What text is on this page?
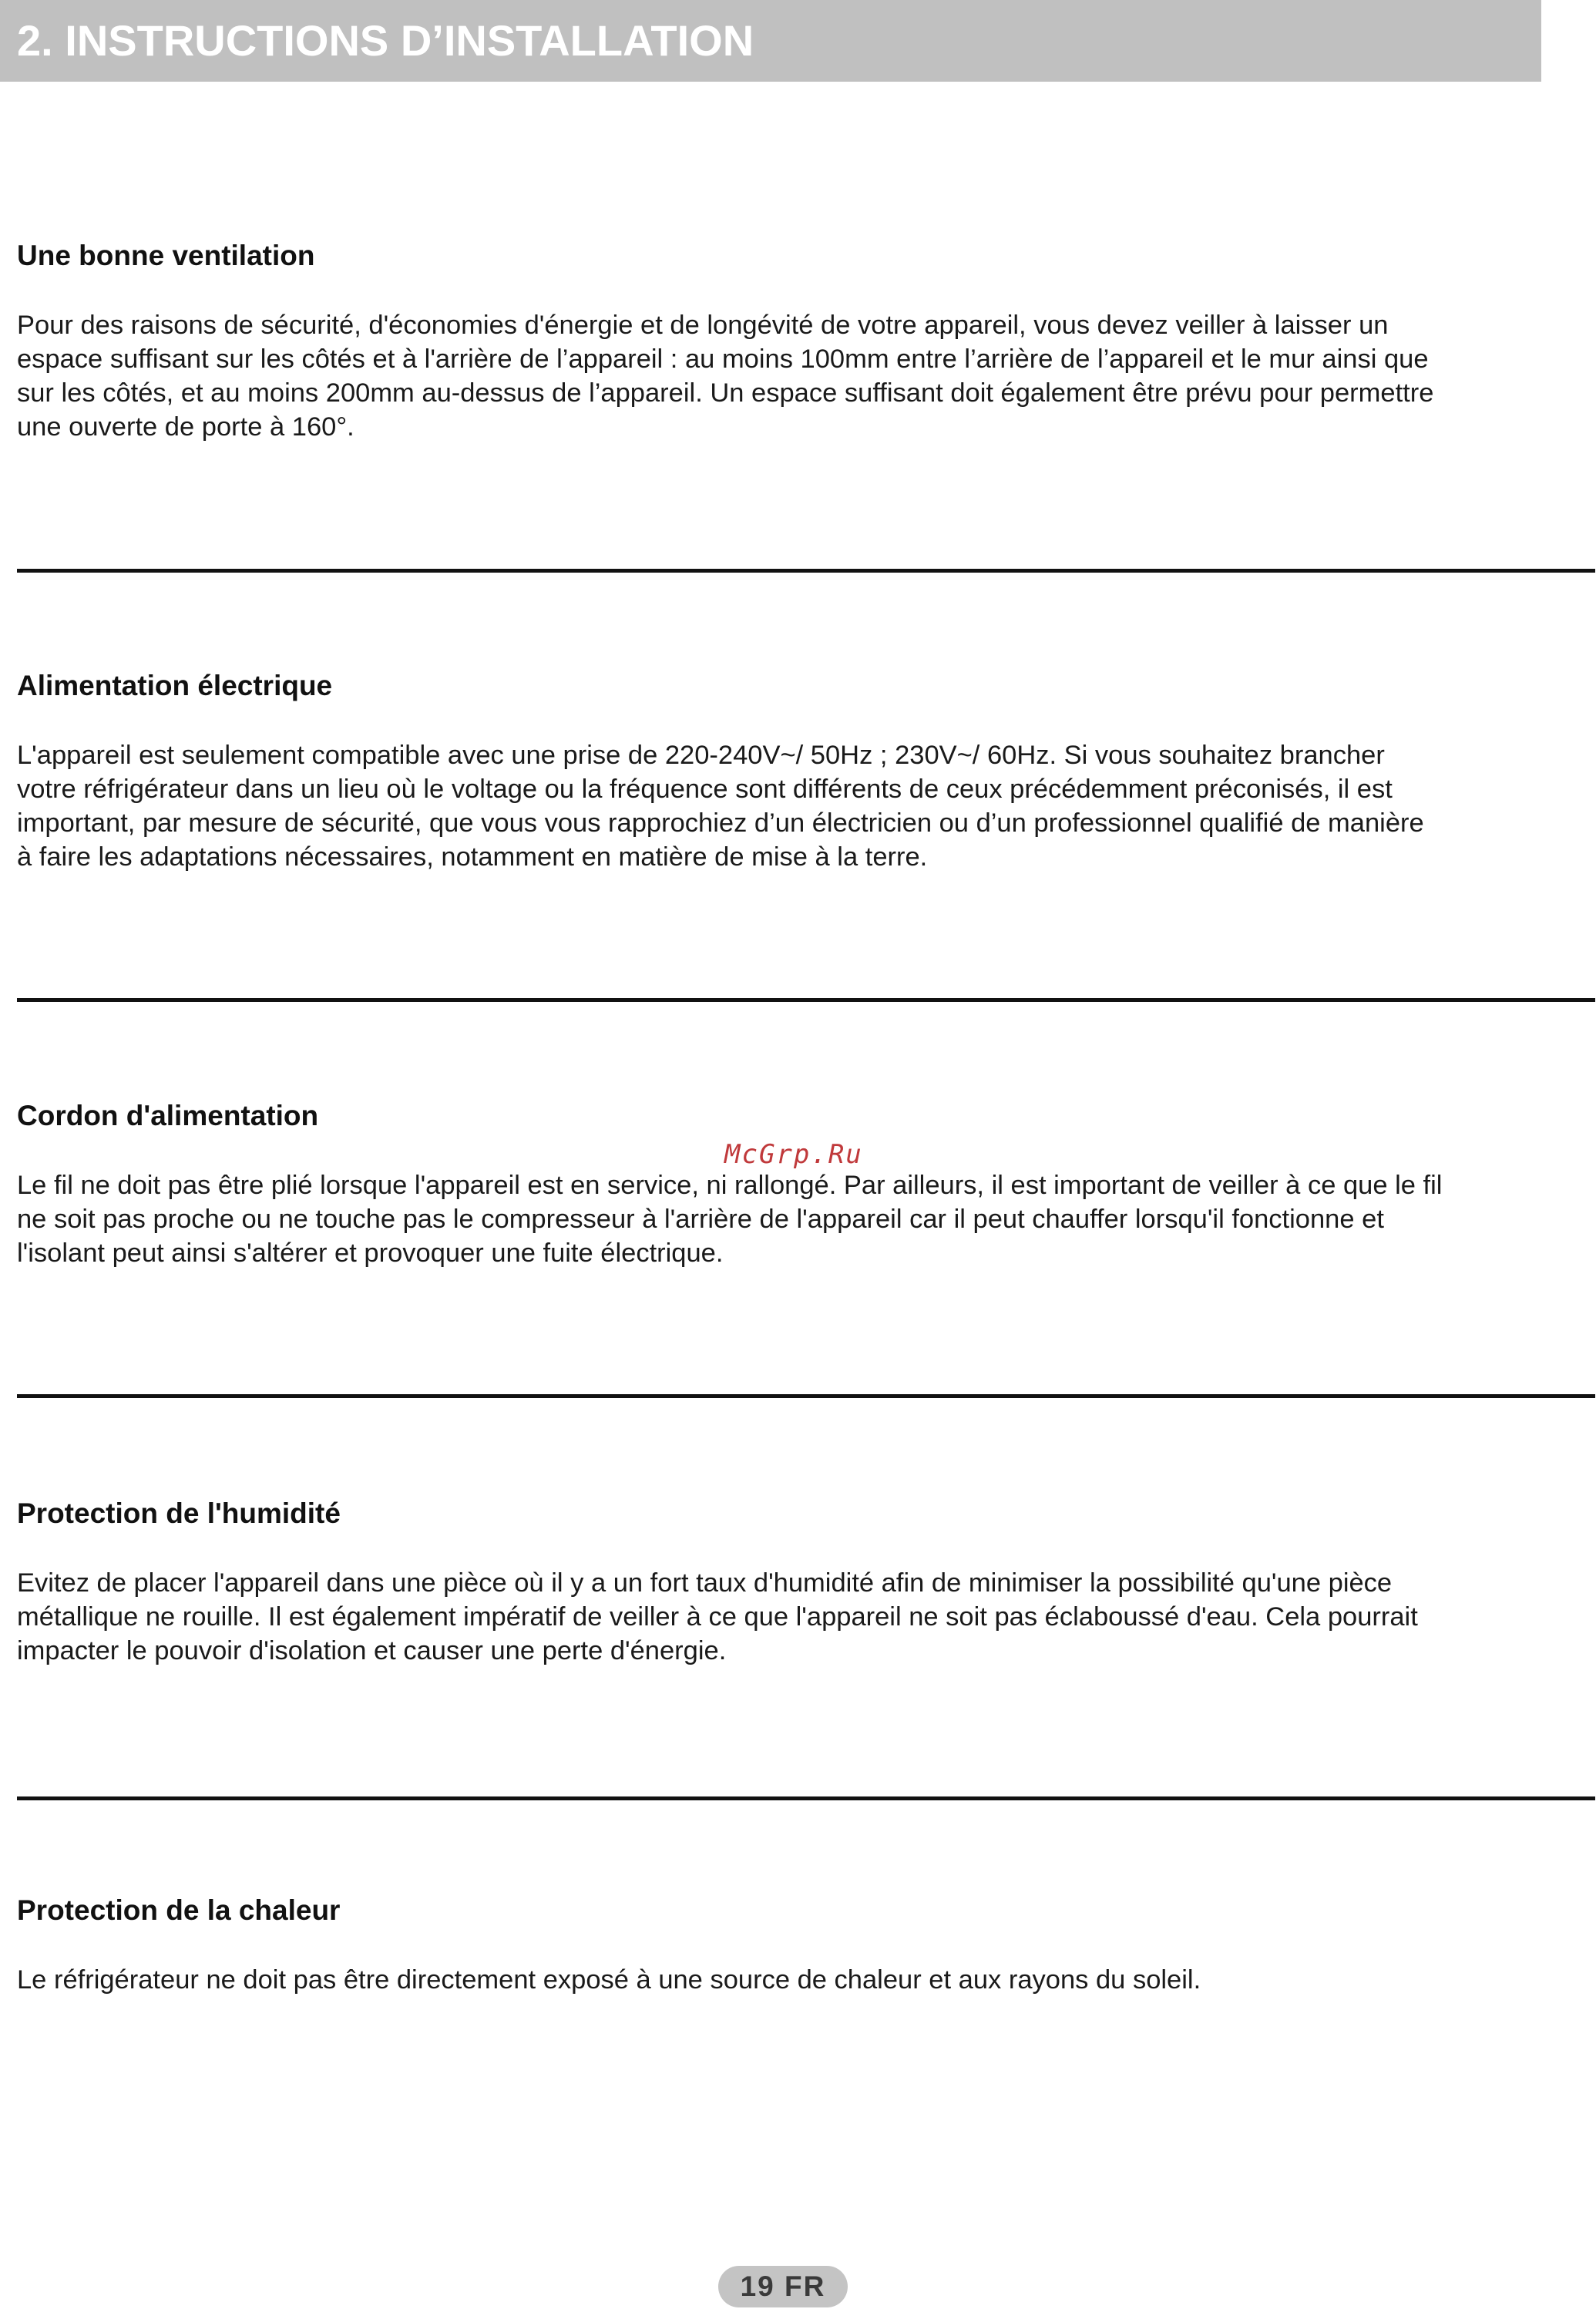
2. INSTRUCTIONS D’INSTALLATION
Une bonne ventilation

Pour des raisons de sécurité, d'économies d'énergie et de longévité de votre appareil, vous devez veiller à laisser un
espace suffisant sur les côtés et à l'arrière de l’appareil : au moins 100mm entre l’arrière de l’appareil et le mur ainsi que
sur les côtés, et au moins 200mm au-dessus de l’appareil. Un espace suffisant doit également être prévu pour permettre
une ouverte de porte à 160°.

Alimentation électrique

L'appareil est seulement compatible avec une prise de 220-240V~/ 50Hz ; 230V~/ 60Hz. Si vous souhaitez brancher
votre réfrigérateur dans un lieu où le voltage ou la fréquence sont différents de ceux précédemment préconisés, il est
important, par mesure de sécurité, que vous vous rapprochiez d’un électricien ou d’un professionnel qualifié de manière
à faire les adaptations nécessaires, notamment en matière de mise à la terre.

Cordon d'alimentation

Le fil ne doit pas être plié lorsque l'appareil est en service, ni rallongé. Par ailleurs, il est important de veiller à ce que le fil
ne soit pas proche ou ne touche pas le compresseur à l'arrière de l'appareil car il peut chauffer lorsqu'il fonctionne et
l'isolant peut ainsi s'altérer et provoquer une fuite électrique.

McGrp.Ru
Protection de l'humidité

Evitez de placer l'appareil dans une pièce où il y a un fort taux d'humidité afin de minimiser la possibilité qu'une pièce
métallique ne rouille. Il est également impératif de veiller à ce que l'appareil ne soit pas éclaboussé d'eau. Cela pourrait
impacter le pouvoir d'isolation et causer une perte d'énergie.

Protection de la chaleur

Le réfrigérateur ne doit pas être directement exposé à une source de chaleur et aux rayons du soleil.

19 FR
